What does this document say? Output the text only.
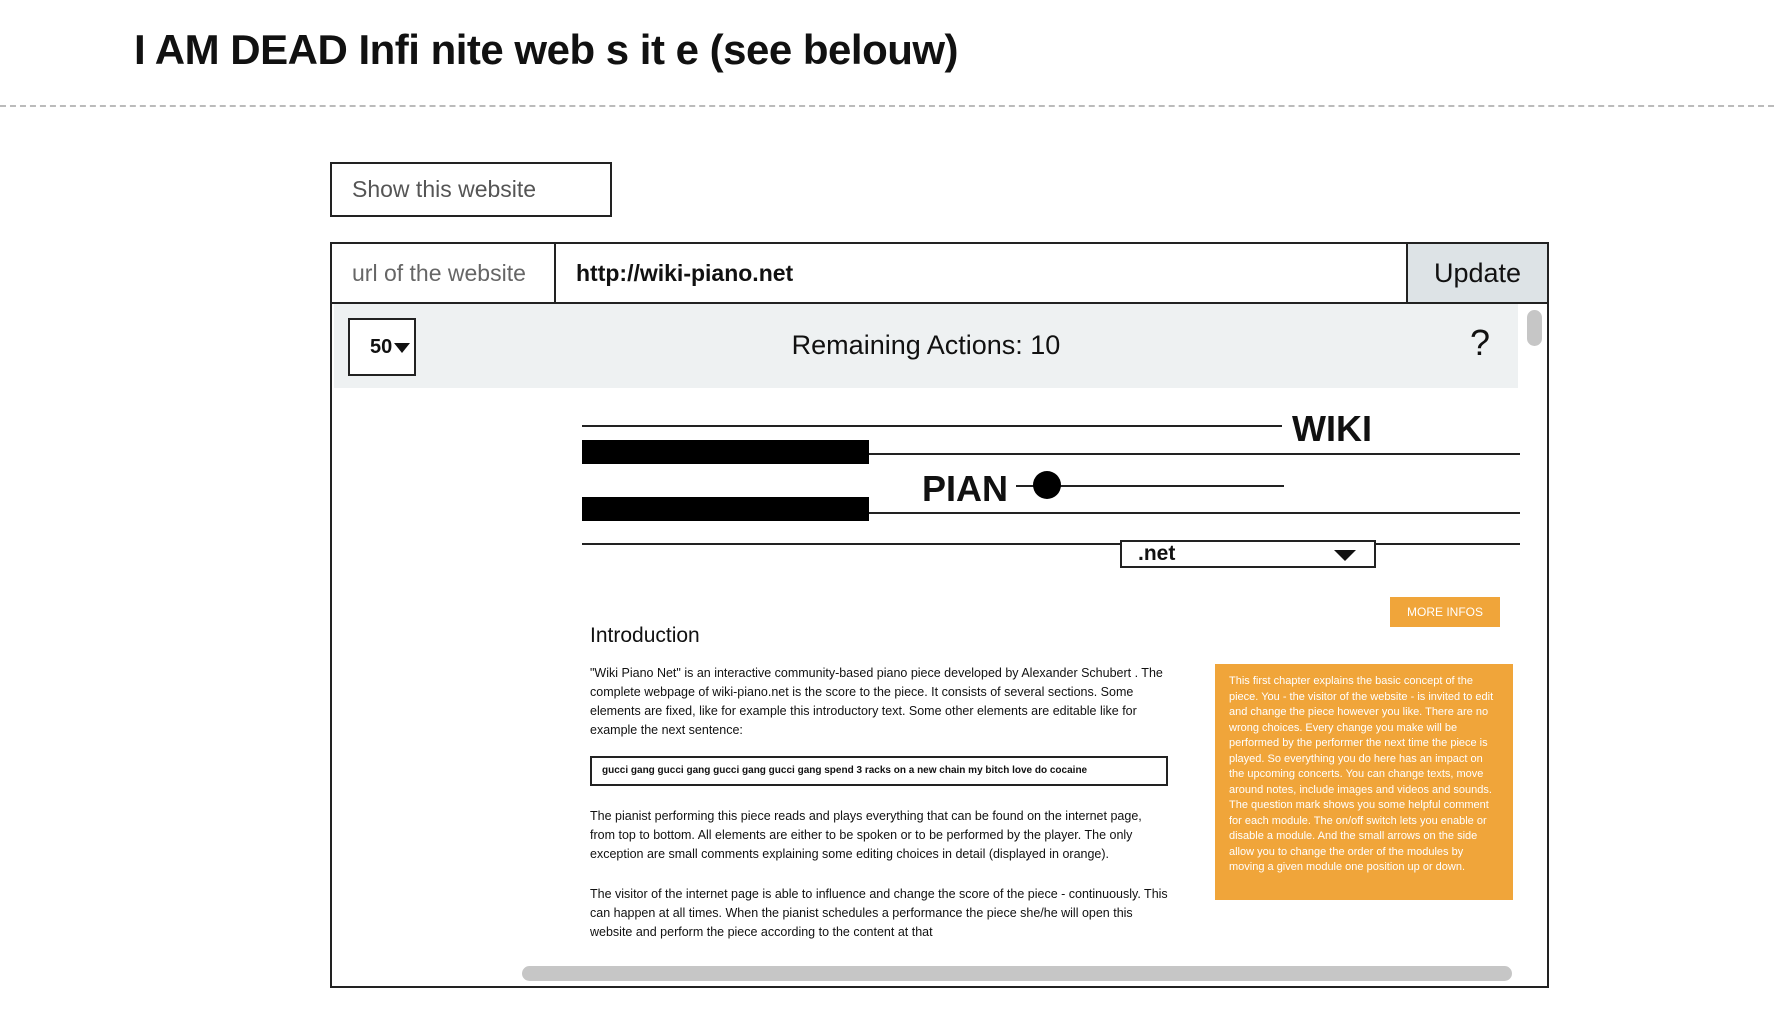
I AM DEAD Infi nite web s it e (see belouw)
Show this website
url of the website
http://wiki-piano.net	Update
50	Remaining Actions: 10	?
WIKI
PIAN
.net
MORE INFOS
Introduction
"Wiki Piano Net" is an interactive community-based piano piece developed by Alexander Schubert . The complete webpage of wiki-piano.net is the score to the piece. It consists of several sections. Some elements are fixed, like for example this introductory text. Some other elements are editable like for example the next sentence:
gucci gang gucci gang gucci gang gucci gang spend 3 racks on a new chain my bitch love do cocaine
The pianist performing this piece reads and plays everything that can be found on the internet page, from top to bottom. All elements are either to be spoken or to be performed by the player. The only exception are small comments explaining some editing choices in detail (displayed in orange).
The visitor of the internet page is able to influence and change the score of the piece - continuously. This can happen at all times. When the pianist schedules a performance the piece she/he will open this website and perform the piece according to the content at that
This first chapter explains the basic concept of the piece. You - the visitor of the website - is invited to edit and change the piece however you like. There are no wrong choices. Every change you make will be performed by the performer the next time the piece is played. So everything you do here has an impact on the upcoming concerts. You can change texts, move around notes, include images and videos and sounds. The question mark shows you some helpful comment for each module. The on/off switch lets you enable or disable a module. And the small arrows on the side allow you to change the order of the modules by moving a given module one position up or down.
